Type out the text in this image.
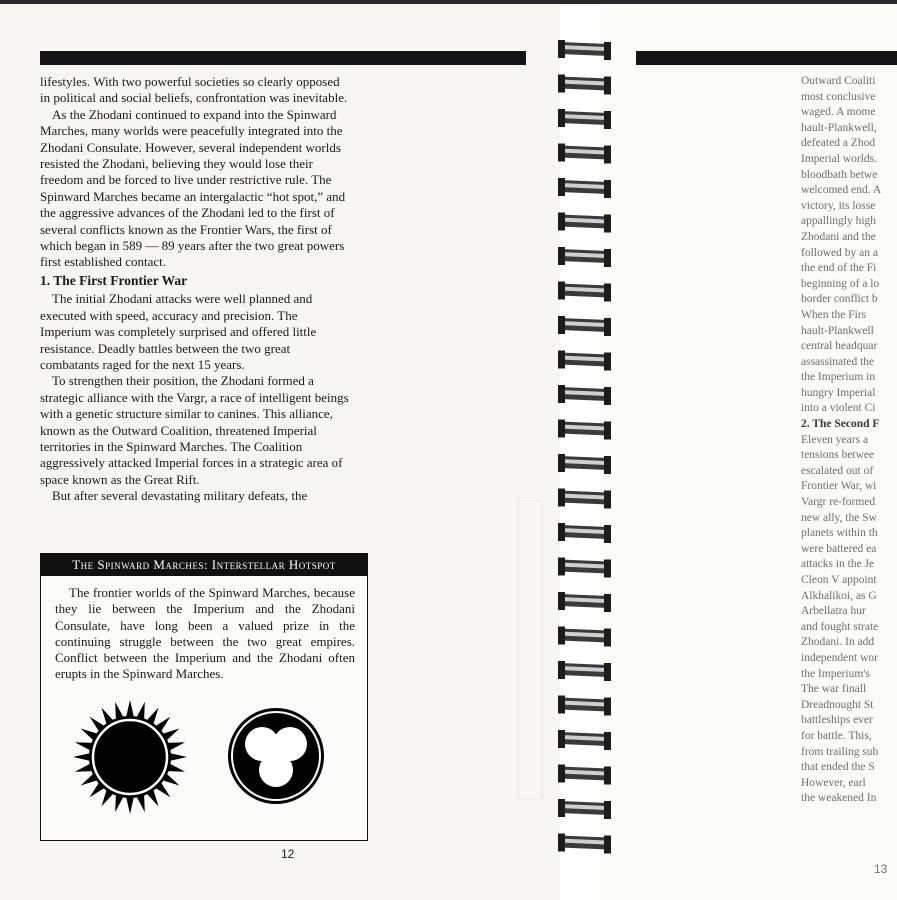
lifestyles. With two powerful societies so clearly opposed in political and social beliefs, confrontation was inevitable.

As the Zhodani continued to expand into the Spinward Marches, many worlds were peacefully integrated into the Zhodani Consulate. However, several independent worlds resisted the Zhodani, believing they would lose their freedom and be forced to live under restrictive rule. The Spinward Marches became an intergalactic “hot spot,” and the aggressive advances of the Zhodani led to the first of several conflicts known as the Frontier Wars, the first of which began in 589 — 89 years after the two great powers first established contact.

1. The First Frontier War

The initial Zhodani attacks were well planned and executed with speed, accuracy and precision. The Imperium was completely surprised and offered little resistance. Deadly battles between the two great combatants raged for the next 15 years.

To strengthen their position, the Zhodani formed a strategic alliance with the Vargr, a race of intelligent beings with a genetic structure similar to canines. This alliance, known as the Outward Coalition, threatened Imperial territories in the Spinward Marches. The Coalition aggressively attacked Imperial forces in a strategic area of space known as the Great Rift.

But after several devastating military defeats, the

The Spinward Marches: Interstellar Hotspot
The frontier worlds of the Spinward Marches, because they lie between the Imperium and the Zhodani Consulate, have long been a valued prize in the continuing struggle between the two great empires. Conflict between the Imperium and the Zhodani often erupts in the Spinward Marches.
12
Outward Coaliti
most conclusive
waged. A mome
hault-Plankwell,
defeated a Zhod
Imperial worlds.
bloodbath betwe
welcomed end. A
victory, its losse
appallingly high
Zhodani and the
followed by an a
the end of the Fi
beginning of a lo
border conflict b
When the Firs
hault-Plankwell
central headquar
assassinated the
the Imperium in
hungry Imperial
into a violent Ci
2. The Second F
Eleven years a
tensions betwee
escalated out of
Frontier War, wi
Vargr re-formed
new ally, the Sw
planets within th
were battered ea
attacks in the Je
Cleon V appoint
Alkhalikoi, as G
Arbellatra hur
and fought strate
Zhodani. In add
independent wor
the Imperium's
The war finall
Dreadnought St
battleships ever
for battle. This,
from trailing sub
that ended the S
However, earl
the weakened In
13
